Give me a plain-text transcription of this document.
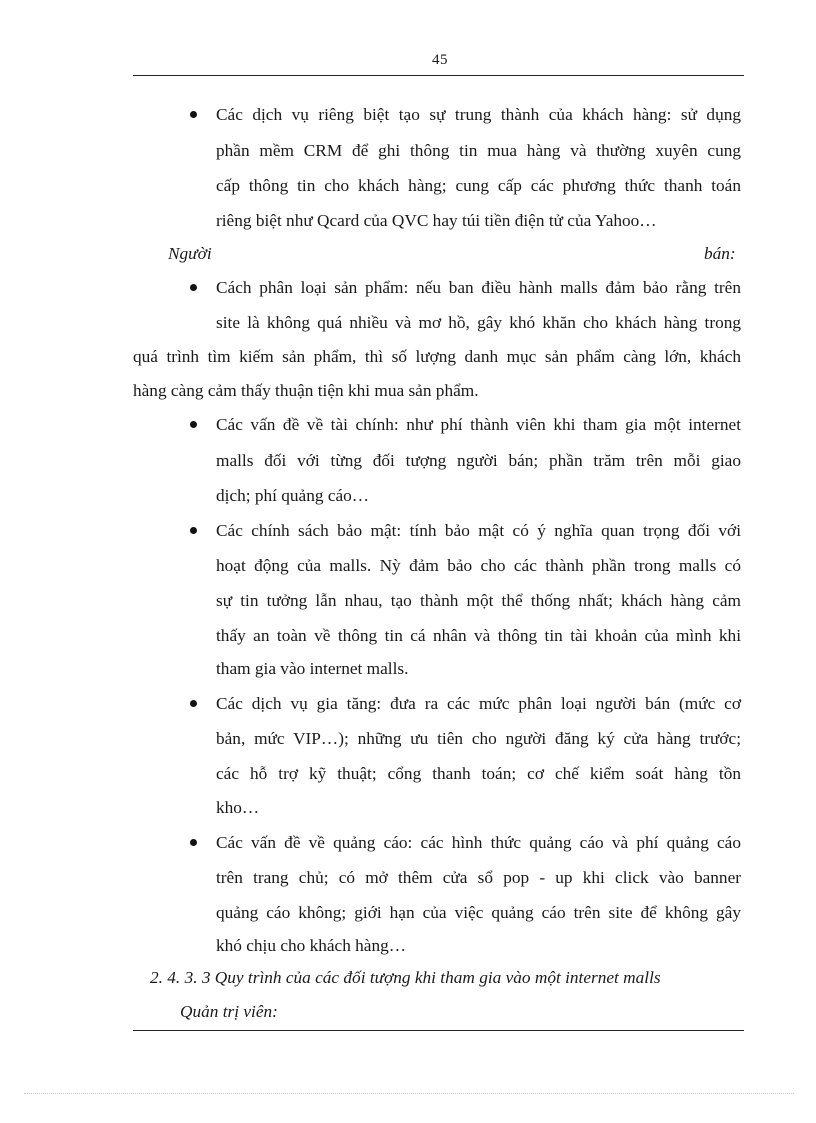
45
Các dịch vụ riêng biệt tạo sự trung thành của khách hàng: sử dụng
phần mềm CRM để ghi thông tin mua hàng và thường xuyên cung
cấp thông tin cho khách hàng; cung cấp các phương thức thanh toán
riêng biệt như Qcard của QVC hay túi tiền điện tử của Yahoo…
Người	bán:
Cách phân loại sản phẩm: nếu ban điều hành malls đảm bảo rằng trên
site là không quá nhiều và mơ hồ, gây khó khăn cho khách hàng trong
quá trình tìm kiếm sản phẩm, thì số lượng danh mục sản phẩm càng lớn, khách
hàng càng cảm thấy thuận tiện khi mua sản phẩm.
Các vấn đề về tài chính: như phí thành viên khi tham gia một internet
malls đối với từng đối tượng người bán; phần trăm trên mỗi giao
dịch; phí quảng cáo…
Các chính sách bảo mật: tính bảo mật có ý nghĩa quan trọng đối với
hoạt động của malls. Nỳ đảm bảo cho các thành phần trong malls có
sự tin tưởng lẫn nhau, tạo thành một thể thống nhất; khách hàng cảm
thấy an toàn về thông tin cá nhân và thông tin tài khoản của mình khi
tham gia vào internet malls.
Các dịch vụ gia tăng: đưa ra các mức phân loại người bán (mức cơ
bản, mức VIP…); những ưu tiên cho người đăng ký cửa hàng trước;
các hỗ trợ kỹ thuật; cổng thanh toán; cơ chế kiểm soát hàng tồn
kho…
Các vấn đề về quảng cáo: các hình thức quảng cáo và phí quảng cáo
trên trang chủ; có mở thêm cửa sổ pop - up khi click vào banner
quảng cáo không; giới hạn của việc quảng cáo trên site để không gây
khó chịu cho khách hàng…
2. 4. 3. 3 Quy trình của các đối tượng khi tham gia vào một internet malls
Quản trị viên:
